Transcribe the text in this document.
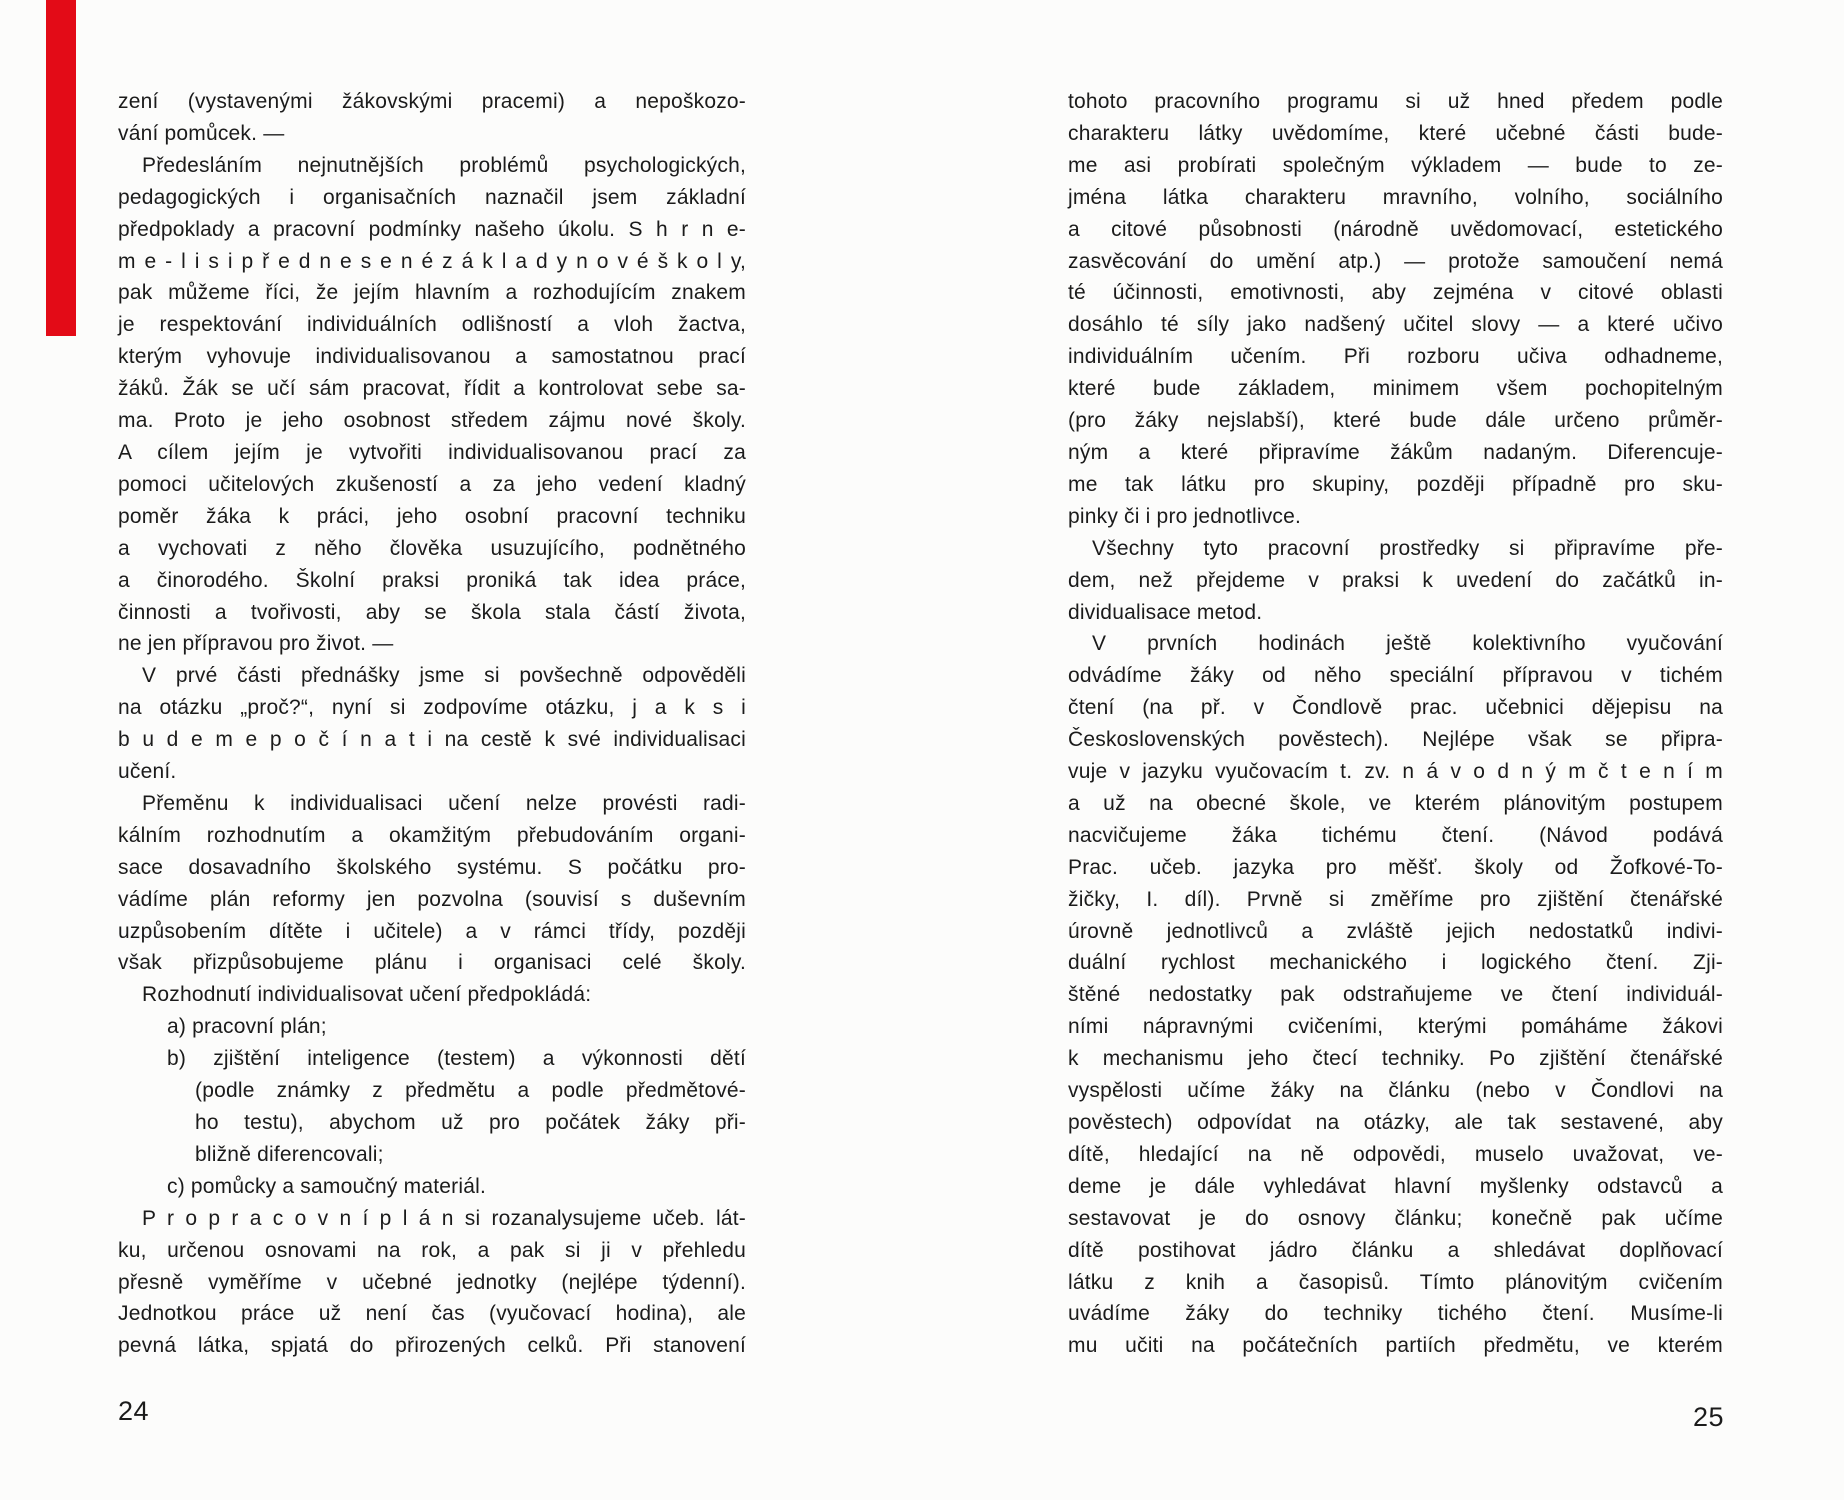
zení (vystavenými žákovskými pracemi) a nepoškozo-
vání pomůcek. —
Předesláním nejnutnějších problémů psychologických,
pedagogických i organisačních naznačil jsem základní
předpoklady a pracovní podmínky našeho úkolu. S h r n e-
m e - l i s i p ř e d n e s e n é z á k l a d y n o v é š k o l y,
pak můžeme říci, že jejím hlavním a rozhodujícím znakem
je respektování individuálních odlišností a vloh žactva,
kterým vyhovuje individualisovanou a samostatnou prací
žáků. Žák se učí sám pracovat, řídit a kontrolovat sebe sa-
ma. Proto je jeho osobnost středem zájmu nové školy.
A cílem jejím je vytvořiti individualisovanou prací za
pomoci učitelových zkušeností a za jeho vedení kladný
poměr žáka k práci, jeho osobní pracovní techniku
a vychovati z něho člověka usuzujícího, podnětného
a činorodého. Školní praksi proniká tak idea práce,
činnosti a tvořivosti, aby se škola stala částí života,
ne jen přípravou pro život. —
V prvé části přednášky jsme si povšechně odpověděli
na otázku „proč?“, nyní si zodpovíme otázku, j a k s i
b u d e m e p o č í n a t i na cestě k své individualisaci
učení.
Přeměnu k individualisaci učení nelze provésti radi-
kálním rozhodnutím a okamžitým přebudováním organi-
sace dosavadního školského systému. S počátku pro-
vádíme plán reformy jen pozvolna (souvisí s duševním
uzpůsobením dítěte i učitele) a v rámci třídy, později
však přizpůsobujeme plánu i organisaci celé školy.
Rozhodnutí individualisovat učení předpokládá:
a) pracovní plán;
b) zjištění inteligence (testem) a výkonnosti dětí
(podle známky z předmětu a podle předmětové-
ho testu), abychom už pro počátek žáky při-
bližně diferencovali;
c) pomůcky a samoučný materiál.
P r o p r a c o v n í p l á n si rozanalysujeme učeb. lát-
ku, určenou osnovami na rok, a pak si ji v přehledu
přesně vyměříme v učebné jednotky (nejlépe týdenní).
Jednotkou práce už není čas (vyučovací hodina), ale
pevná látka, spjatá do přirozených celků. Při stanovení
tohoto pracovního programu si už hned předem podle
charakteru látky uvědomíme, které učebné části bude-
me asi probírati společným výkladem — bude to ze-
jména látka charakteru mravního, volního, sociálního
a citové působnosti (národně uvědomovací, estetického
zasvěcování do umění atp.) — protože samoučení nemá
té účinnosti, emotivnosti, aby zejména v citové oblasti
dosáhlo té síly jako nadšený učitel slovy — a které učivo
individuálním učením. Při rozboru učiva odhadneme,
které bude základem, minimem všem pochopitelným
(pro žáky nejslabší), které bude dále určeno průměr-
ným a které připravíme žákům nadaným. Diferencuje-
me tak látku pro skupiny, později případně pro sku-
pinky či i pro jednotlivce.
Všechny tyto pracovní prostředky si připravíme pře-
dem, než přejdeme v praksi k uvedení do začátků in-
dividualisace metod.
V prvních hodinách ještě kolektivního vyučování
odvádíme žáky od něho speciální přípravou v tichém
čtení (na př. v Čondlově prac. učebnici dějepisu na
Československých pověstech). Nejlépe však se připra-
vuje v jazyku vyučovacím t. zv. n á v o d n ý m č t e n í m
a už na obecné škole, ve kterém plánovitým postupem
nacvičujeme žáka tichému čtení. (Návod podává
Prac. učeb. jazyka pro měšť. školy od Žofkové-To-
žičky, I. díl). Prvně si změříme pro zjištění čtenářské
úrovně jednotlivců a zvláště jejich nedostatků indivi-
duální rychlost mechanického i logického čtení. Zji-
štěné nedostatky pak odstraňujeme ve čtení individuál-
ními nápravnými cvičeními, kterými pomáháme žákovi
k mechanismu jeho čtecí techniky. Po zjištění čtenářské
vyspělosti učíme žáky na článku (nebo v Čondlovi na
pověstech) odpovídat na otázky, ale tak sestavené, aby
dítě, hledající na ně odpovědi, muselo uvažovat, ve-
deme je dále vyhledávat hlavní myšlenky odstavců a
sestavovat je do osnovy článku; konečně pak učíme
dítě postihovat jádro článku a shledávat doplňovací
látku z knih a časopisů. Tímto plánovitým cvičením
uvádíme žáky do techniky tichého čtení. Musíme-li
mu učiti na počátečních partiích předmětu, ve kterém
24	25
